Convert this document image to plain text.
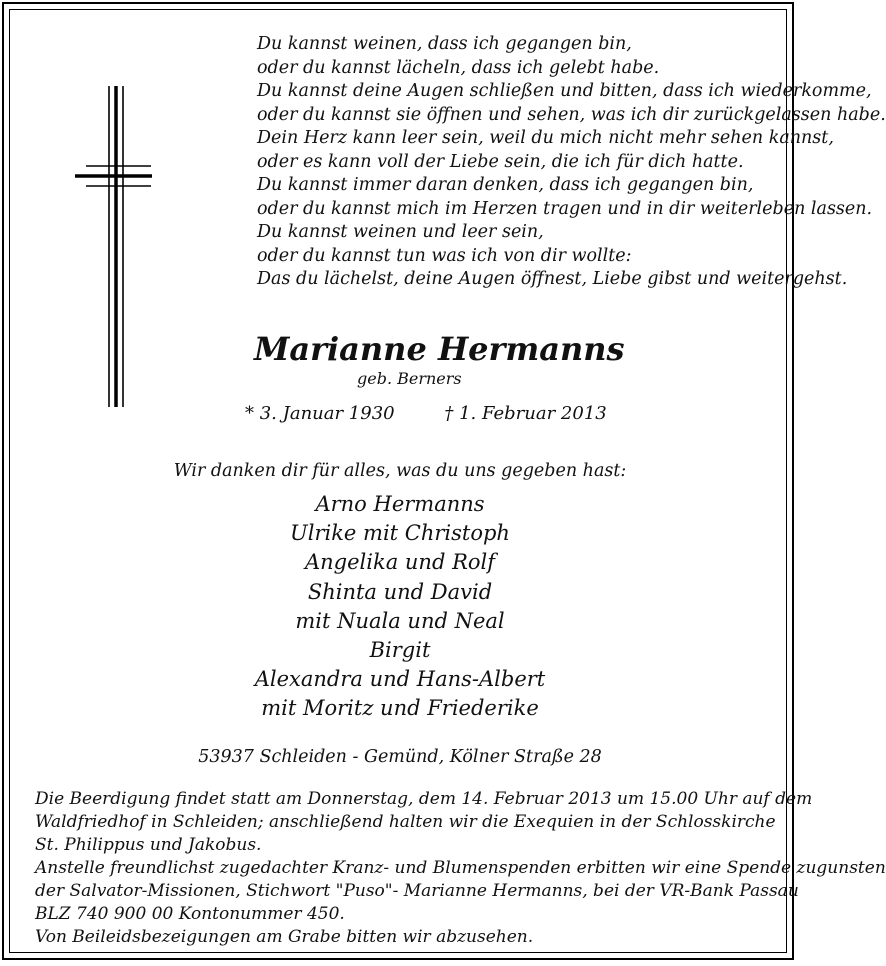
Du kannst weinen, dass ich gegangen bin,
oder du kannst lächeln, dass ich gelebt habe.
Du kannst deine Augen schließen und bitten, dass ich wiederkomme,
oder du kannst sie öffnen und sehen, was ich dir zurückgelassen habe.
Dein Herz kann leer sein, weil du mich nicht mehr sehen kannst,
oder es kann voll der Liebe sein, die ich für dich hatte.
Du kannst immer daran denken, dass ich gegangen bin,
oder du kannst mich im Herzen tragen und in dir weiterleben lassen.
Du kannst weinen und leer sein,
oder du kannst tun was ich von dir wollte:
Das du lächelst, deine Augen öffnest, Liebe gibst und weitergehst.
Marianne Hermanns
geb. Berners
* 3. Januar 1930	† 1. Februar 2013
Wir danken dir für alles, was du uns gegeben hast:
Arno Hermanns
Ulrike mit Christoph
Angelika und Rolf
Shinta und David
mit Nuala und Neal
Birgit
Alexandra und Hans-Albert
mit Moritz und Friederike
53937 Schleiden - Gemünd, Kölner Straße 28
Die Beerdigung findet statt am Donnerstag, dem 14. Februar 2013 um 15.00 Uhr auf dem
Waldfriedhof in Schleiden; anschließend halten wir die Exequien in der Schlosskirche
St. Philippus und Jakobus.
Anstelle freundlichst zugedachter Kranz- und Blumenspenden erbitten wir eine Spende zugunsten
der Salvator-Missionen, Stichwort "Puso"- Marianne Hermanns, bei der VR-Bank Passau
BLZ 740 900 00 Kontonummer 450.
Von Beileidsbezeigungen am Grabe bitten wir abzusehen.
